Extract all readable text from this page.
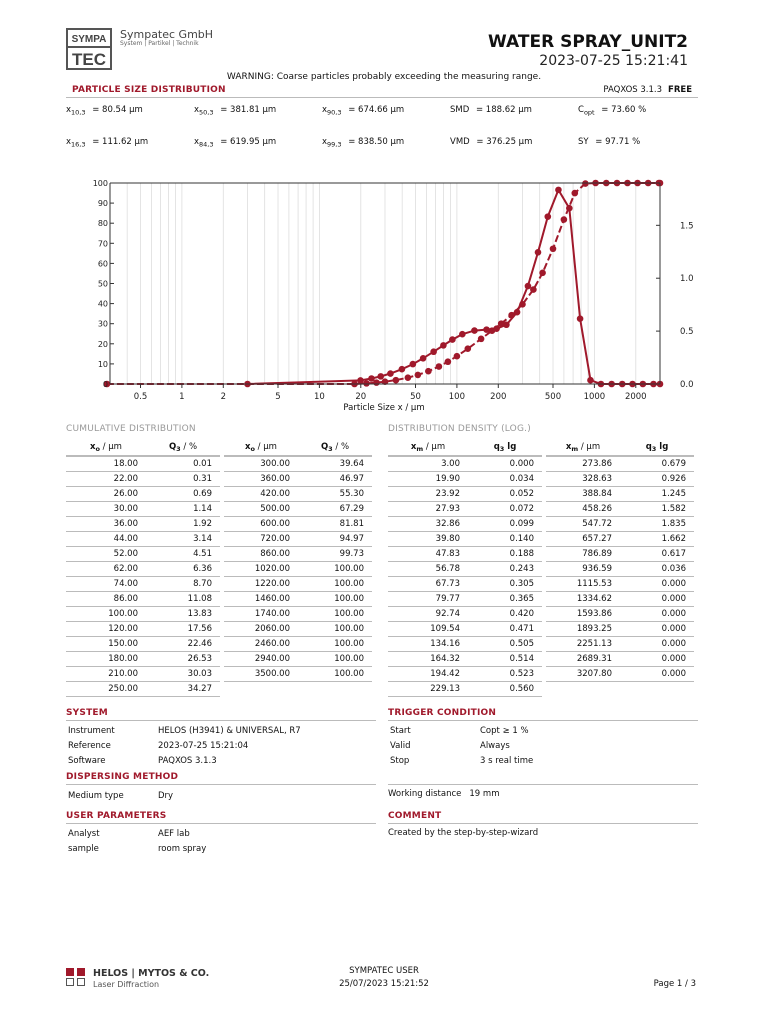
SYMPA
TEC
Sympatec GmbH
System | Partikel | Technik	WATER SPRAY_UNIT2
2023-07-25 15:21:41
WARNING: Coarse particles probably exceeding the measuring range.
PARTICLE SIZE DISTRIBUTION	PAQXOS 3.1.3 FREE
$x_{10,3} = 80.54$ µm	$x_{50,3} = 381.81$ µm	$x_{90,3} = 674.66$ µm	SMD = 188.62 µm	$C_{opt} = 73.60$ %
$x_{16,3} = 111.62$ µm	$x_{84,3} = 619.95$ µm	$x_{99,3} = 838.50$ µm	VMD = 376.25 µm	SY = 97.71 %
0
10
20
30
40
50
60
70
80
90
100
0.0
0.5
1.0
1.5
0.5	1	2	5	10	20	50	100	200	500	1000 2000
Particle Size x / µm
CUMULATIVE DISTRIBUTION
$x_o$ / µm	$Q_3$ / %
18.00	0.01
22.00	0.31
26.00	0.69
30.00	1.14
36.00	1.92
44.00	3.14
52.00	4.51
62.00	6.36
74.00	8.70
86.00	11.08
100.00	13.83
120.00	17.56
150.00	22.46
180.00	26.53
210.00	30.03
250.00	34.27
$x_o$ / µm	$Q_3$ / %
300.00	39.64
360.00	46.97
420.00	55.30
500.00	67.29
600.00	81.81
720.00	94.97
860.00	99.73
1020.00	100.00
1220.00	100.00
1460.00	100.00
1740.00	100.00
2060.00	100.00
2460.00	100.00
2940.00	100.00
3500.00	100.00
DISTRIBUTION DENSITY (LOG.)
$x_m$ / µm	$q_3$ lg
3.00	0.000
19.90	0.034
23.92	0.052
27.93	0.072
32.86	0.099
39.80	0.140
47.83	0.188
56.78	0.243
67.73	0.305
79.77	0.365
92.74	0.420
109.54	0.471
134.16	0.505
164.32	0.514
194.42	0.523
229.13	0.560
$x_m$ / µm	$q_3$ lg
273.86	0.679
328.63	0.926
388.84	1.245
458.26	1.582
547.72	1.835
657.27	1.662
786.89	0.617
936.59	0.036
1115.53	0.000
1334.62	0.000
1593.86	0.000
1893.25	0.000
2251.13	0.000
2689.31	0.000
3207.80	0.000
SYSTEM
Instrument	HELOS (H3941) & UNIVERSAL, R7
Reference	2023-07-25 15:21:04
Software	PAQXOS 3.1.3
TRIGGER CONDITION
Start	Copt ≥ 1 %
Valid	Always
Stop	3 s real time
DISPERSING METHOD
Medium type	Dry	Working distance 19 mm
USER PARAMETERS
Analyst	AEF lab
sample	room spray
COMMENT
Created by the step-by-step-wizard
HELOS | MYTOS & CO.
Laser Diffraction
SYMPATEC USER
25/07/2023 15:21:52	Page 1 / 3
